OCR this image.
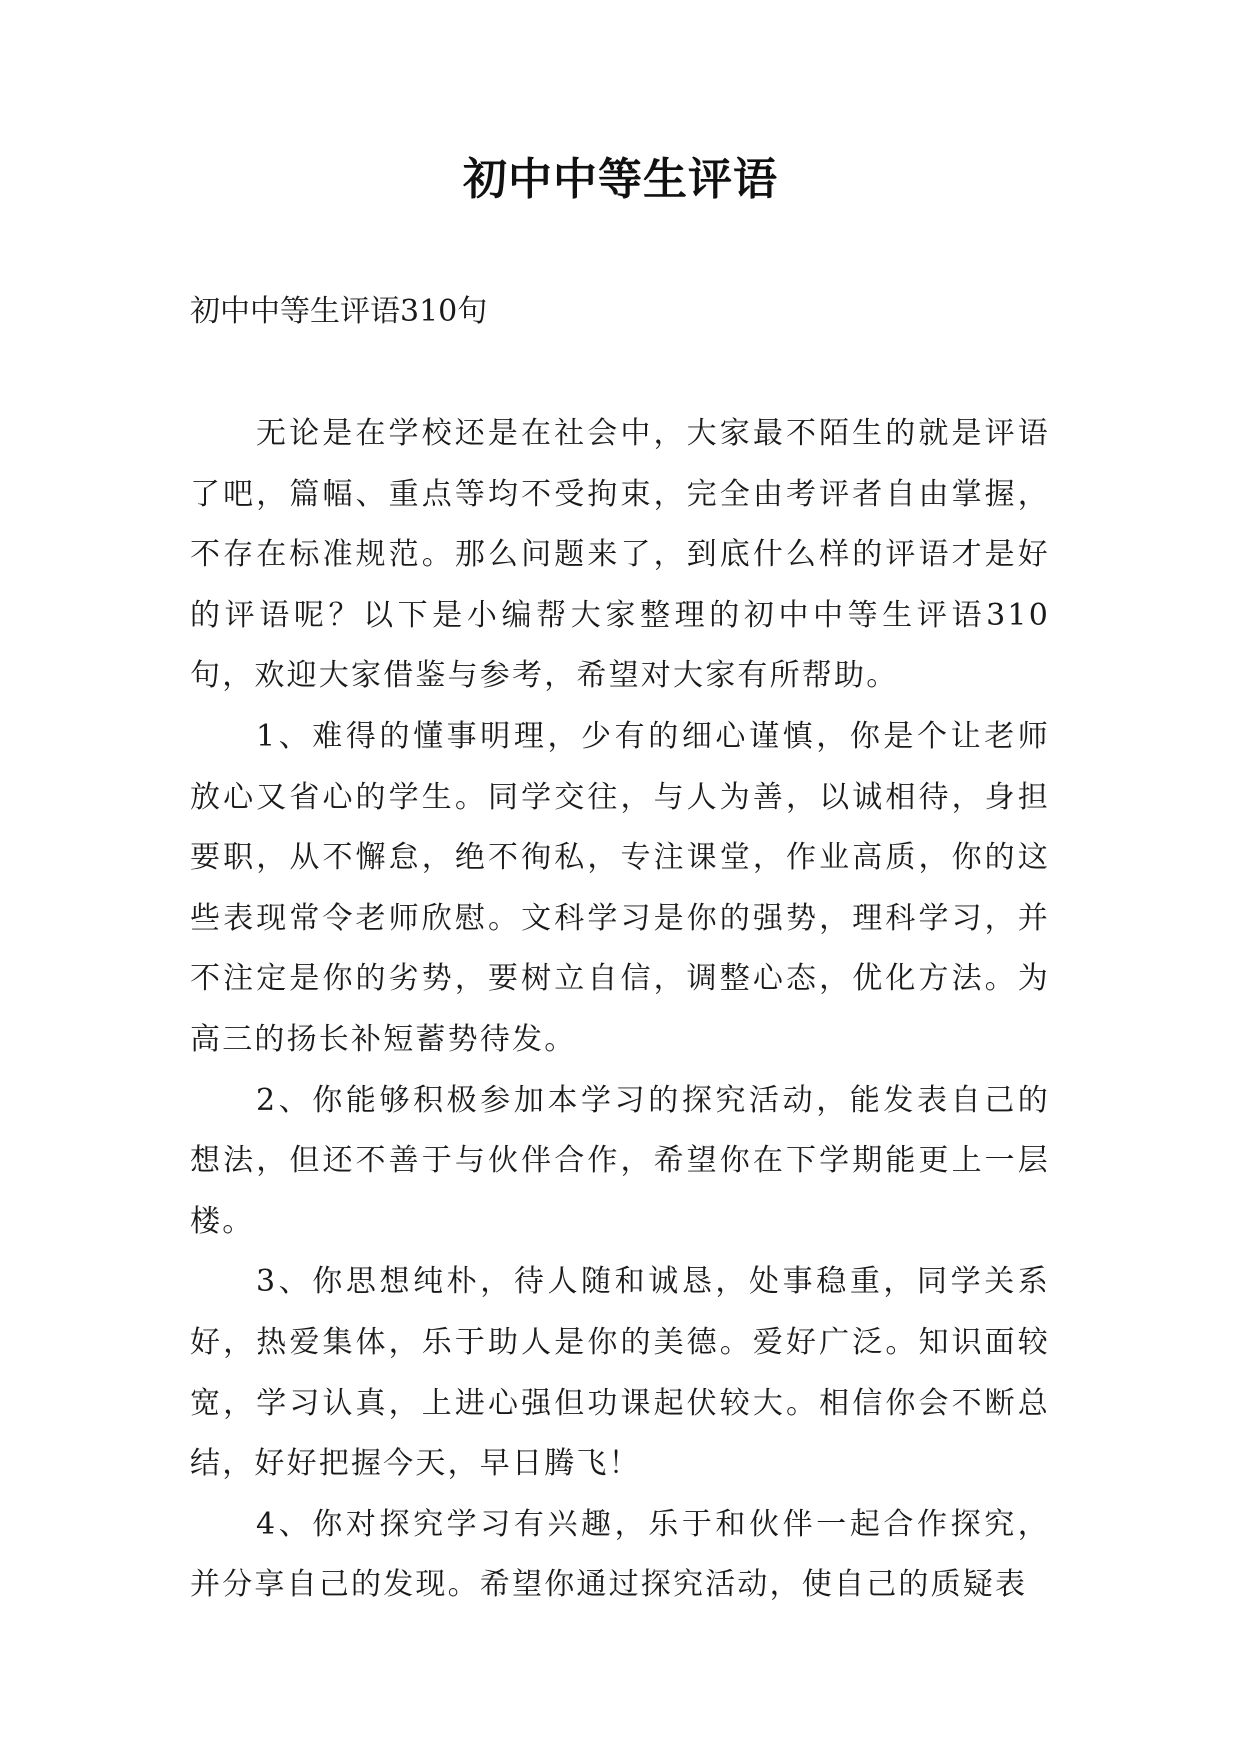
初中中等生评语
初中中等生评语310句

无论是在学校还是在社会中，大家最不陌生的就是评语了吧，篇幅、重点等均不受拘束，完全由考评者自由掌握，不存在标准规范。那么问题来了，到底什么样的评语才是好的评语呢？以下是小编帮大家整理的初中中等生评语310句，欢迎大家借鉴与参考，希望对大家有所帮助。

1、难得的懂事明理，少有的细心谨慎，你是个让老师放心又省心的学生。同学交往，与人为善，以诚相待，身担要职，从不懈怠，绝不徇私，专注课堂，作业高质，你的这些表现常令老师欣慰。文科学习是你的强势，理科学习，并不注定是你的劣势，要树立自信，调整心态，优化方法。为高三的扬长补短蓄势待发。

2、你能够积极参加本学习的探究活动，能发表自己的想法，但还不善于与伙伴合作，希望你在下学期能更上一层楼。

3、你思想纯朴，待人随和诚恳，处事稳重，同学关系好，热爱集体，乐于助人是你的美德。爱好广泛。知识面较宽，学习认真，上进心强但功课起伏较大。相信你会不断总结，好好把握今天，早日腾飞！

4、你对探究学习有兴趣，乐于和伙伴一起合作探究，并分享自己的发现。希望你通过探究活动，使自己的质疑表
